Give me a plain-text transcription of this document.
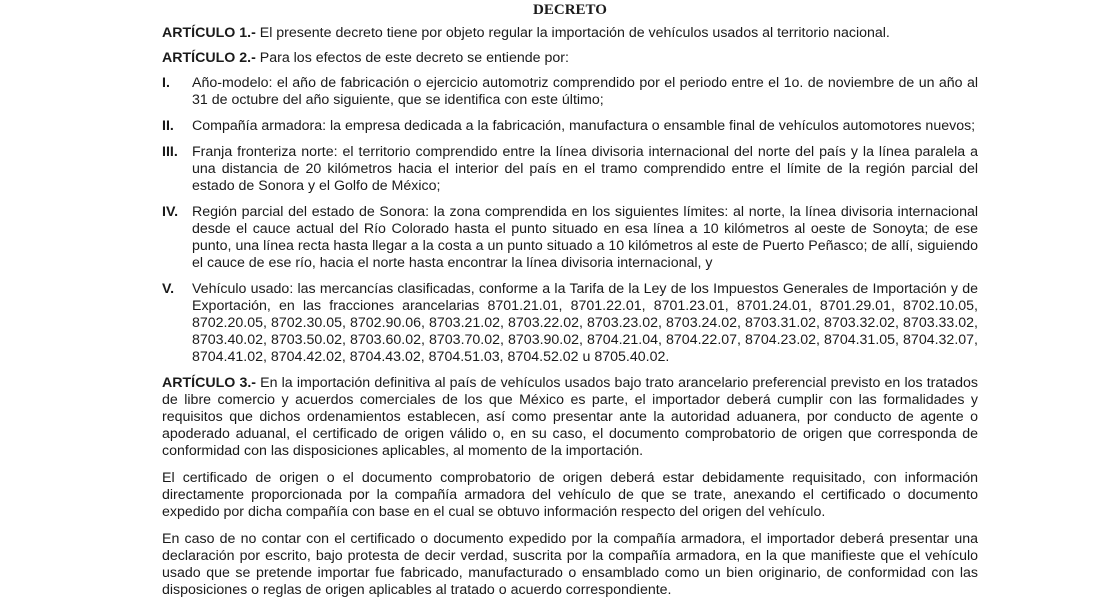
DECRETO

ARTÍCULO 1.- El presente decreto tiene por objeto regular la importación de vehículos usados al territorio nacional.

ARTÍCULO 2.- Para los efectos de este decreto se entiende por:

I.	Año-modelo: el año de fabricación o ejercicio automotriz comprendido por el periodo entre el 1o. de noviembre de un año al 31 de octubre del año siguiente, que se identifica con este último;
II.	Compañía armadora: la empresa dedicada a la fabricación, manufactura o ensamble final de vehículos automotores nuevos;
III.	Franja fronteriza norte: el territorio comprendido entre la línea divisoria internacional del norte del país y la línea paralela a una distancia de 20 kilómetros hacia el interior del país en el tramo comprendido entre el límite de la región parcial del estado de Sonora y el Golfo de México;
IV. Región parcial del estado de Sonora: la zona comprendida en los siguientes límites: al norte, la línea divisoria internacional desde el cauce actual del Río Colorado hasta el punto situado en esa línea a 10 kilómetros al oeste de Sonoyta; de ese punto, una línea recta hasta llegar a la costa a un punto situado a 10 kilómetros al este de Puerto Peñasco; de allí, siguiendo el cauce de ese río, hacia el norte hasta encontrar la línea divisoria internacional, y
V.	Vehículo usado: las mercancías clasificadas, conforme a la Tarifa de la Ley de los Impuestos Generales de Importación y de Exportación, en las fracciones arancelarias 8701.21.01, 8701.22.01, 8701.23.01, 8701.24.01, 8701.29.01, 8702.10.05, 8702.20.05, 8702.30.05, 8702.90.06, 8703.21.02, 8703.22.02, 8703.23.02, 8703.24.02, 8703.31.02, 8703.32.02, 8703.33.02, 8703.40.02, 8703.50.02, 8703.60.02, 8703.70.02, 8703.90.02, 8704.21.04, 8704.22.07, 8704.23.02, 8704.31.05, 8704.32.07, 8704.41.02, 8704.42.02, 8704.43.02, 8704.51.03, 8704.52.02 u 8705.40.02.

ARTÍCULO 3.- En la importación definitiva al país de vehículos usados bajo trato arancelario preferencial previsto en los tratados de libre comercio y acuerdos comerciales de los que México es parte, el importador deberá cumplir con las formalidades y requisitos que dichos ordenamientos establecen, así como presentar ante la autoridad aduanera, por conducto de agente o apoderado aduanal, el certificado de origen válido o, en su caso, el documento comprobatorio de origen que corresponda de conformidad con las disposiciones aplicables, al momento de la importación.

El certificado de origen o el documento comprobatorio de origen deberá estar debidamente requisitado, con información directamente proporcionada por la compañía armadora del vehículo de que se trate, anexando el certificado o documento expedido por dicha compañía con base en el cual se obtuvo información respecto del origen del vehículo.

En caso de no contar con el certificado o documento expedido por la compañía armadora, el importador deberá presentar una declaración por escrito, bajo protesta de decir verdad, suscrita por la compañía armadora, en la que manifieste que el vehículo usado que se pretende importar fue fabricado, manufacturado o ensamblado como un bien originario, de conformidad con las disposiciones o reglas de origen aplicables al tratado o acuerdo correspondiente.
